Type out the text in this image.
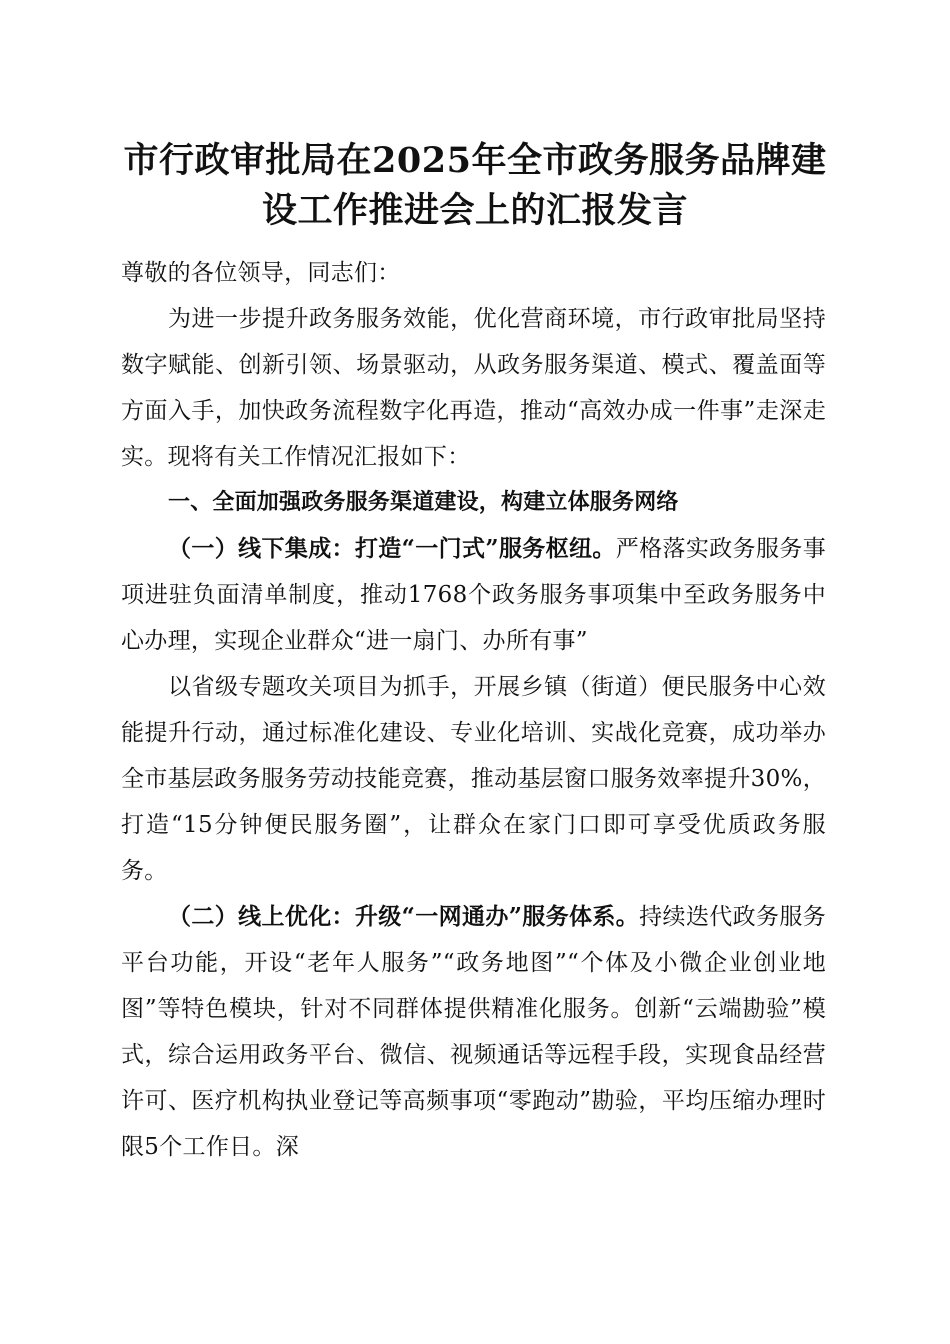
市行政审批局在2025年全市政务服务品牌建
设工作推进会上的汇报发言

尊敬的各位领导，同志们：

为进一步提升政务服务效能，优化营商环境，市行政审批局坚持数字赋能、创新引领、场景驱动，从政务服务渠道、模式、覆盖面等方面入手，加快政务流程数字化再造，推动“高效办成一件事”走深走实。现将有关工作情况汇报如下：

一、全面加强政务服务渠道建设，构建立体服务网络

（一）线下集成：打造“一门式”服务枢纽。严格落实政务服务事项进驻负面清单制度，推动1768个政务服务事项集中至政务服务中心办理，实现企业群众“进一扇门、办所有事”

以省级专题攻关项目为抓手，开展乡镇（街道）便民服务中心效能提升行动，通过标准化建设、专业化培训、实战化竞赛，成功举办全市基层政务服务劳动技能竞赛，推动基层窗口服务效率提升30%，打造“15分钟便民服务圈”，让群众在家门口即可享受优质政务服务。

（二）线上优化：升级“一网通办”服务体系。持续迭代政务服务平台功能，开设“老年人服务”“政务地图”“个体及小微企业创业地图”等特色模块，针对不同群体提供精准化服务。创新“云端勘验”模式，综合运用政务平台、微信、视频通话等远程手段，实现食品经营许可、医疗机构执业登记等高频事项“零跑动”勘验，平均压缩办理时限5个工作日。深
